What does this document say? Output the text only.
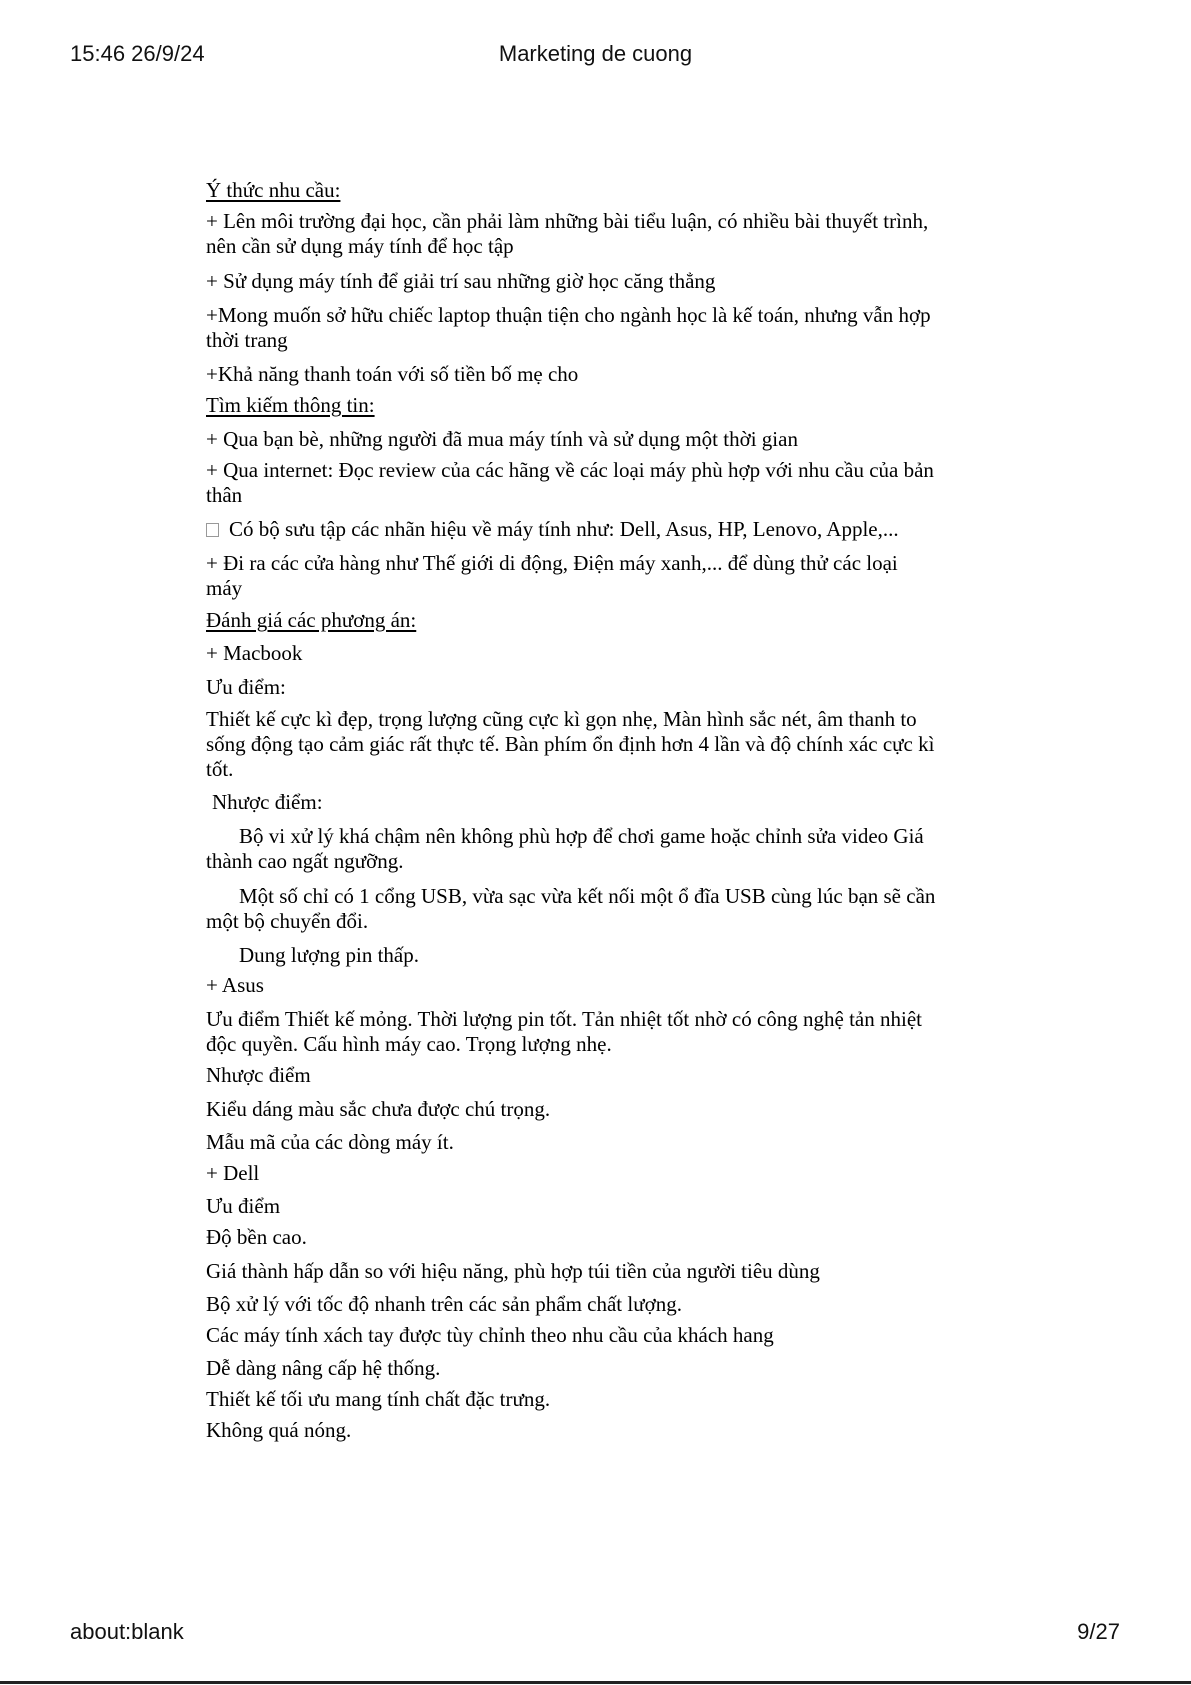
15:46 26/9/24	Marketing de cuong
Ý thức nhu cầu:
+ Lên môi trường đại học, cần phải làm những bài tiểu luận, có nhiều bài thuyết trình,
nên cần sử dụng máy tính để học tập
+ Sử dụng máy tính để giải trí sau những giờ học căng thẳng
+Mong muốn sở hữu chiếc laptop thuận tiện cho ngành học là kế toán, nhưng vẫn hợp
thời trang
+Khả năng thanh toán với số tiền bố mẹ cho
Tìm kiếm thông tin:
+ Qua bạn bè, những người đã mua máy tính và sử dụng một thời gian
+ Qua internet: Đọc review của các hãng về các loại máy phù hợp với nhu cầu của bản
thân
Có bộ sưu tập các nhãn hiệu về máy tính như: Dell, Asus, HP, Lenovo, Apple,...
+ Đi ra các cửa hàng như Thế giới di động, Điện máy xanh,... để dùng thử các loại
máy
Đánh giá các phương án:
+ Macbook
Ưu điểm:
Thiết kế cực kì đẹp, trọng lượng cũng cực kì gọn nhẹ, Màn hình sắc nét, âm thanh to
sống động tạo cảm giác rất thực tế. Bàn phím ổn định hơn 4 lần và độ chính xác cực kì
tốt.
Nhược điểm:
Bộ vi xử lý khá chậm nên không phù hợp để chơi game hoặc chỉnh sửa video Giá
thành cao ngất ngưỡng.
Một số chỉ có 1 cổng USB, vừa sạc vừa kết nối một ổ đĩa USB cùng lúc bạn sẽ cần
một bộ chuyển đổi.
Dung lượng pin thấp.
+ Asus
Ưu điểm Thiết kế mỏng. Thời lượng pin tốt. Tản nhiệt tốt nhờ có công nghệ tản nhiệt
độc quyền. Cấu hình máy cao. Trọng lượng nhẹ.
Nhược điểm
Kiểu dáng màu sắc chưa được chú trọng.
Mẫu mã của các dòng máy ít.
+ Dell
Ưu điểm
Độ bền cao.
Giá thành hấp dẫn so với hiệu năng, phù hợp túi tiền của người tiêu dùng
Bộ xử lý với tốc độ nhanh trên các sản phẩm chất lượng.
Các máy tính xách tay được tùy chỉnh theo nhu cầu của khách hang
Dễ dàng nâng cấp hệ thống.
Thiết kế tối ưu mang tính chất đặc trưng.
Không quá nóng.
about:blank	9/27
